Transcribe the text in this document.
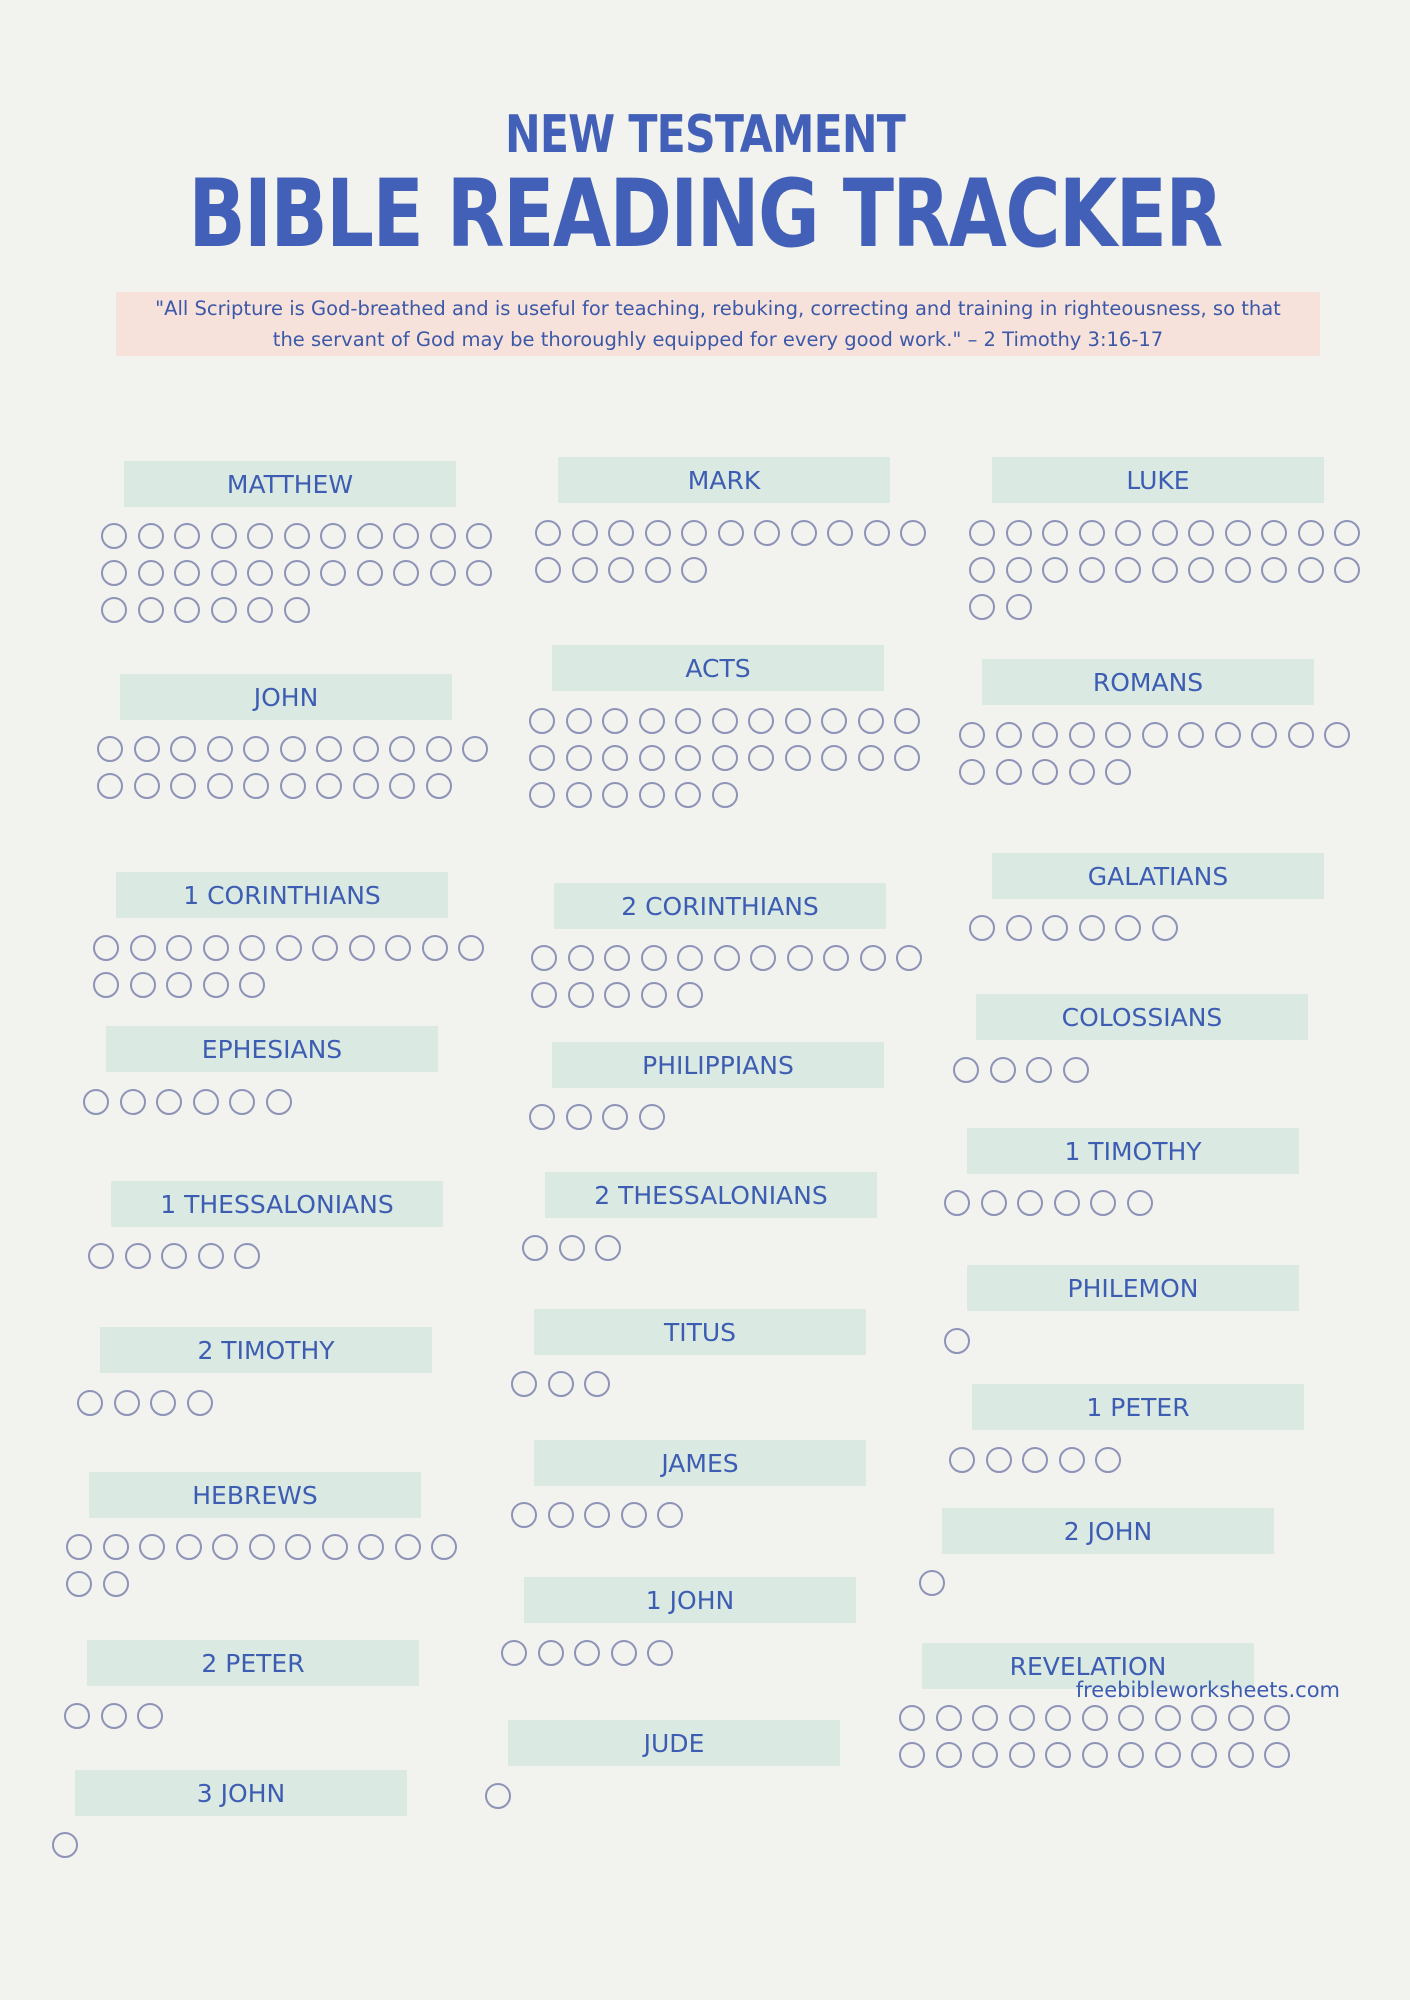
NEW TESTAMENT
BIBLE READING TRACKER
"All Scripture is God-breathed and is useful for teaching, rebuking, correcting and training in righteousness, so that
the servant of God may be thoroughly equipped for every good work." – 2 Timothy 3:16-17
MATTHEW	MARK	LUKE
JOHN
ACTS	ROMANS
1 CORINTHIANS	2 CORINTHIANS
GALATIANS
EPHESIANS
PHILIPPIANS
COLOSSIANS
1 THESSALONIANS	2 THESSALONIANS
1 TIMOTHY
2 TIMOTHY
TITUS
PHILEMON
HEBREWS
JAMES
1 PETER
2 PETER
1 JOHN
2 JOHN
3 JOHN
JUDE
REVELATION
freebibleworksheets.com
